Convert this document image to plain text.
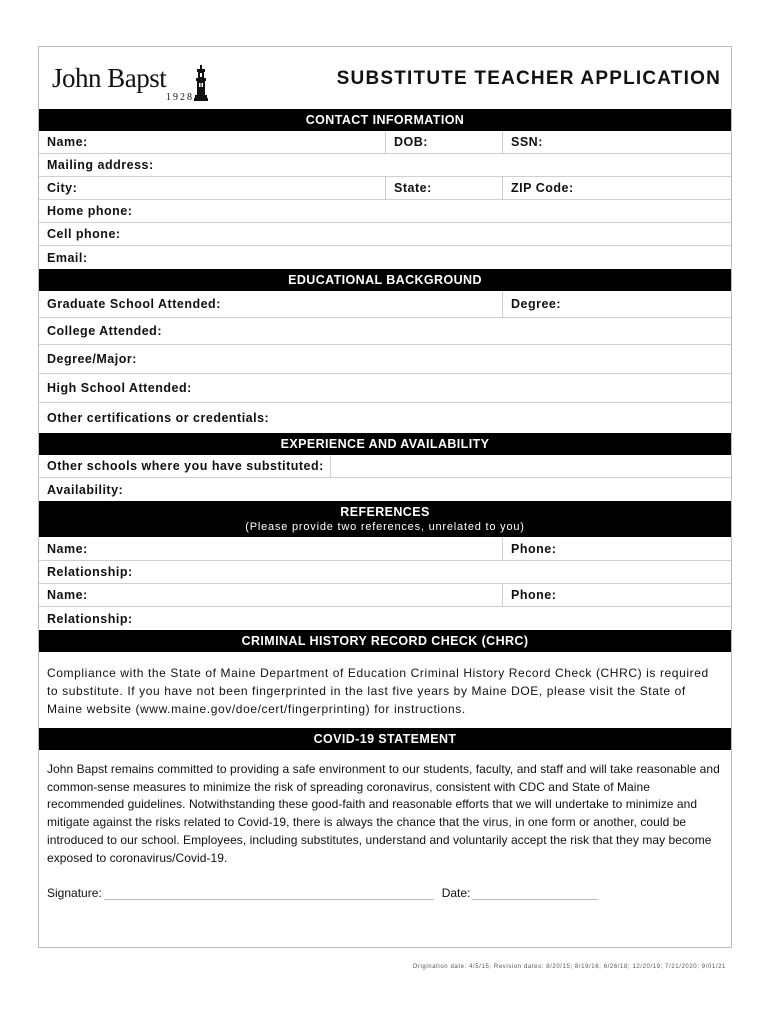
John Bapst
1928
SUBSTITUTE TEACHER APPLICATION
CONTACT INFORMATION
Name:	DOB:	SSN:
Mailing address:
City:	State:	ZIP Code:
Home phone:
Cell phone:
Email:
EDUCATIONAL BACKGROUND
Graduate School Attended:	Degree:
College Attended:
Degree/Major:
High School Attended:
Other certifications or credentials:
EXPERIENCE AND AVAILABILITY
Other schools where you have substituted:
Availability:
REFERENCES
(Please provide two references, unrelated to you)
Name:	Phone:
Relationship:
Name:	Phone:
Relationship:
CRIMINAL HISTORY RECORD CHECK (CHRC)
Compliance with the State of Maine Department of Education Criminal History Record Check (CHRC) is required to substitute. If you have not been fingerprinted in the last five years by Maine DOE, please visit the State of Maine website (www.maine.gov/doe/cert/fingerprinting) for instructions.
COVID-19 STATEMENT
John Bapst remains committed to providing a safe environment to our students, faculty, and staff and will take reasonable and common-sense measures to minimize the risk of spreading coronavirus, consistent with CDC and State of Maine recommended guidelines. Notwithstanding these good-faith and reasonable efforts that we will undertake to minimize and mitigate against the risks related to Covid-19, there is always the chance that the virus, in one form or another, could be introduced to our school. Employees, including substitutes, understand and voluntarily accept the risk that they may become exposed to coronavirus/Covid-19.
Signature:	Date:
Origination date: 4/5/15; Revision dates: 8/20/15; 8/19/16; 6/26/18; 12/20/19; 7/21/2020; 9/01/21
